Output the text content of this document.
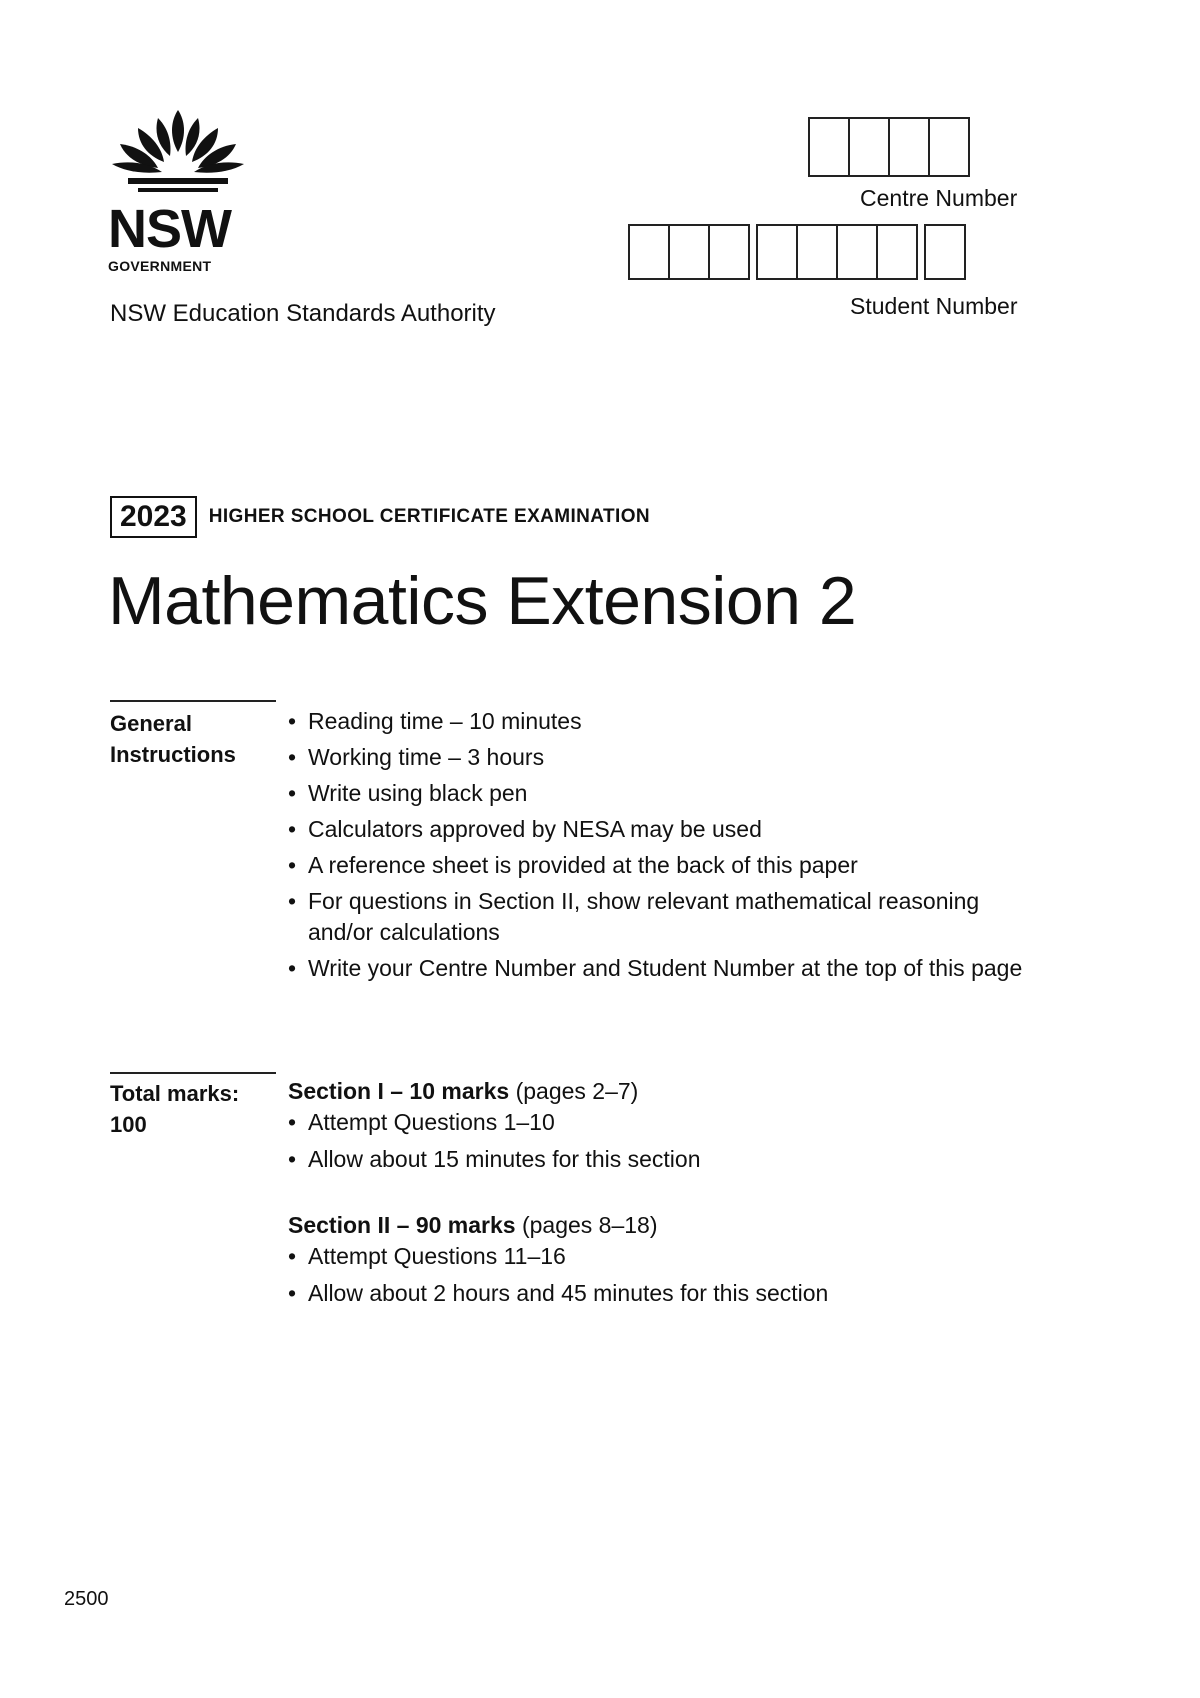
NSW
GOVERNMENT
NSW Education Standards Authority
Centre Number
Student Number
2023	HIGHER SCHOOL CERTIFICATE EXAMINATION
Mathematics Extension 2
General
Instructions
• Reading time – 10 minutes
• Working time – 3 hours
• Write using black pen
• Calculators approved by NESA may be used
• A reference sheet is provided at the back of this paper
• For questions in Section II, show relevant mathematical reasoning and/or calculations
• Write your Centre Number and Student Number at the top of this page
Total marks:
100
Section I – 10 marks (pages 2–7)
• Attempt Questions 1–10
• Allow about 15 minutes for this section
Section II – 90 marks (pages 8–18)
• Attempt Questions 11–16
• Allow about 2 hours and 45 minutes for this section
2500
